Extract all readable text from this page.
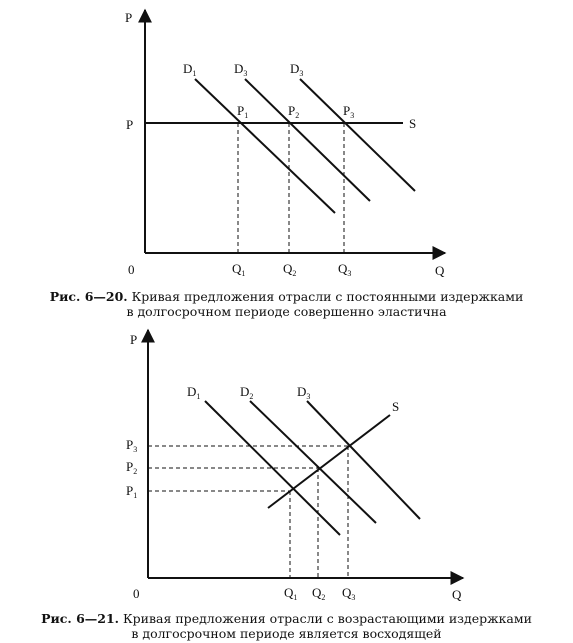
P
Q
0
P	S
$D_1$	$D_3$	$D_3$
$P_1$	$P_2$	$P_3$
$Q_1$	$Q_2$	$Q_3$
P
Q
0
S
$D_1$	$D_2$	$D_3$
$P_3$
$P_2$
$P_1$
$Q_1$ $Q_2$ $Q_3$
Рис. 6—20. Кривая предложения отрасли с постоянными издержками
в долгосрочном периоде совершенно эластична
Рис. 6—21. Кривая предложения отрасли с возрастающими издержками
в долгосрочном периоде является восходящей
